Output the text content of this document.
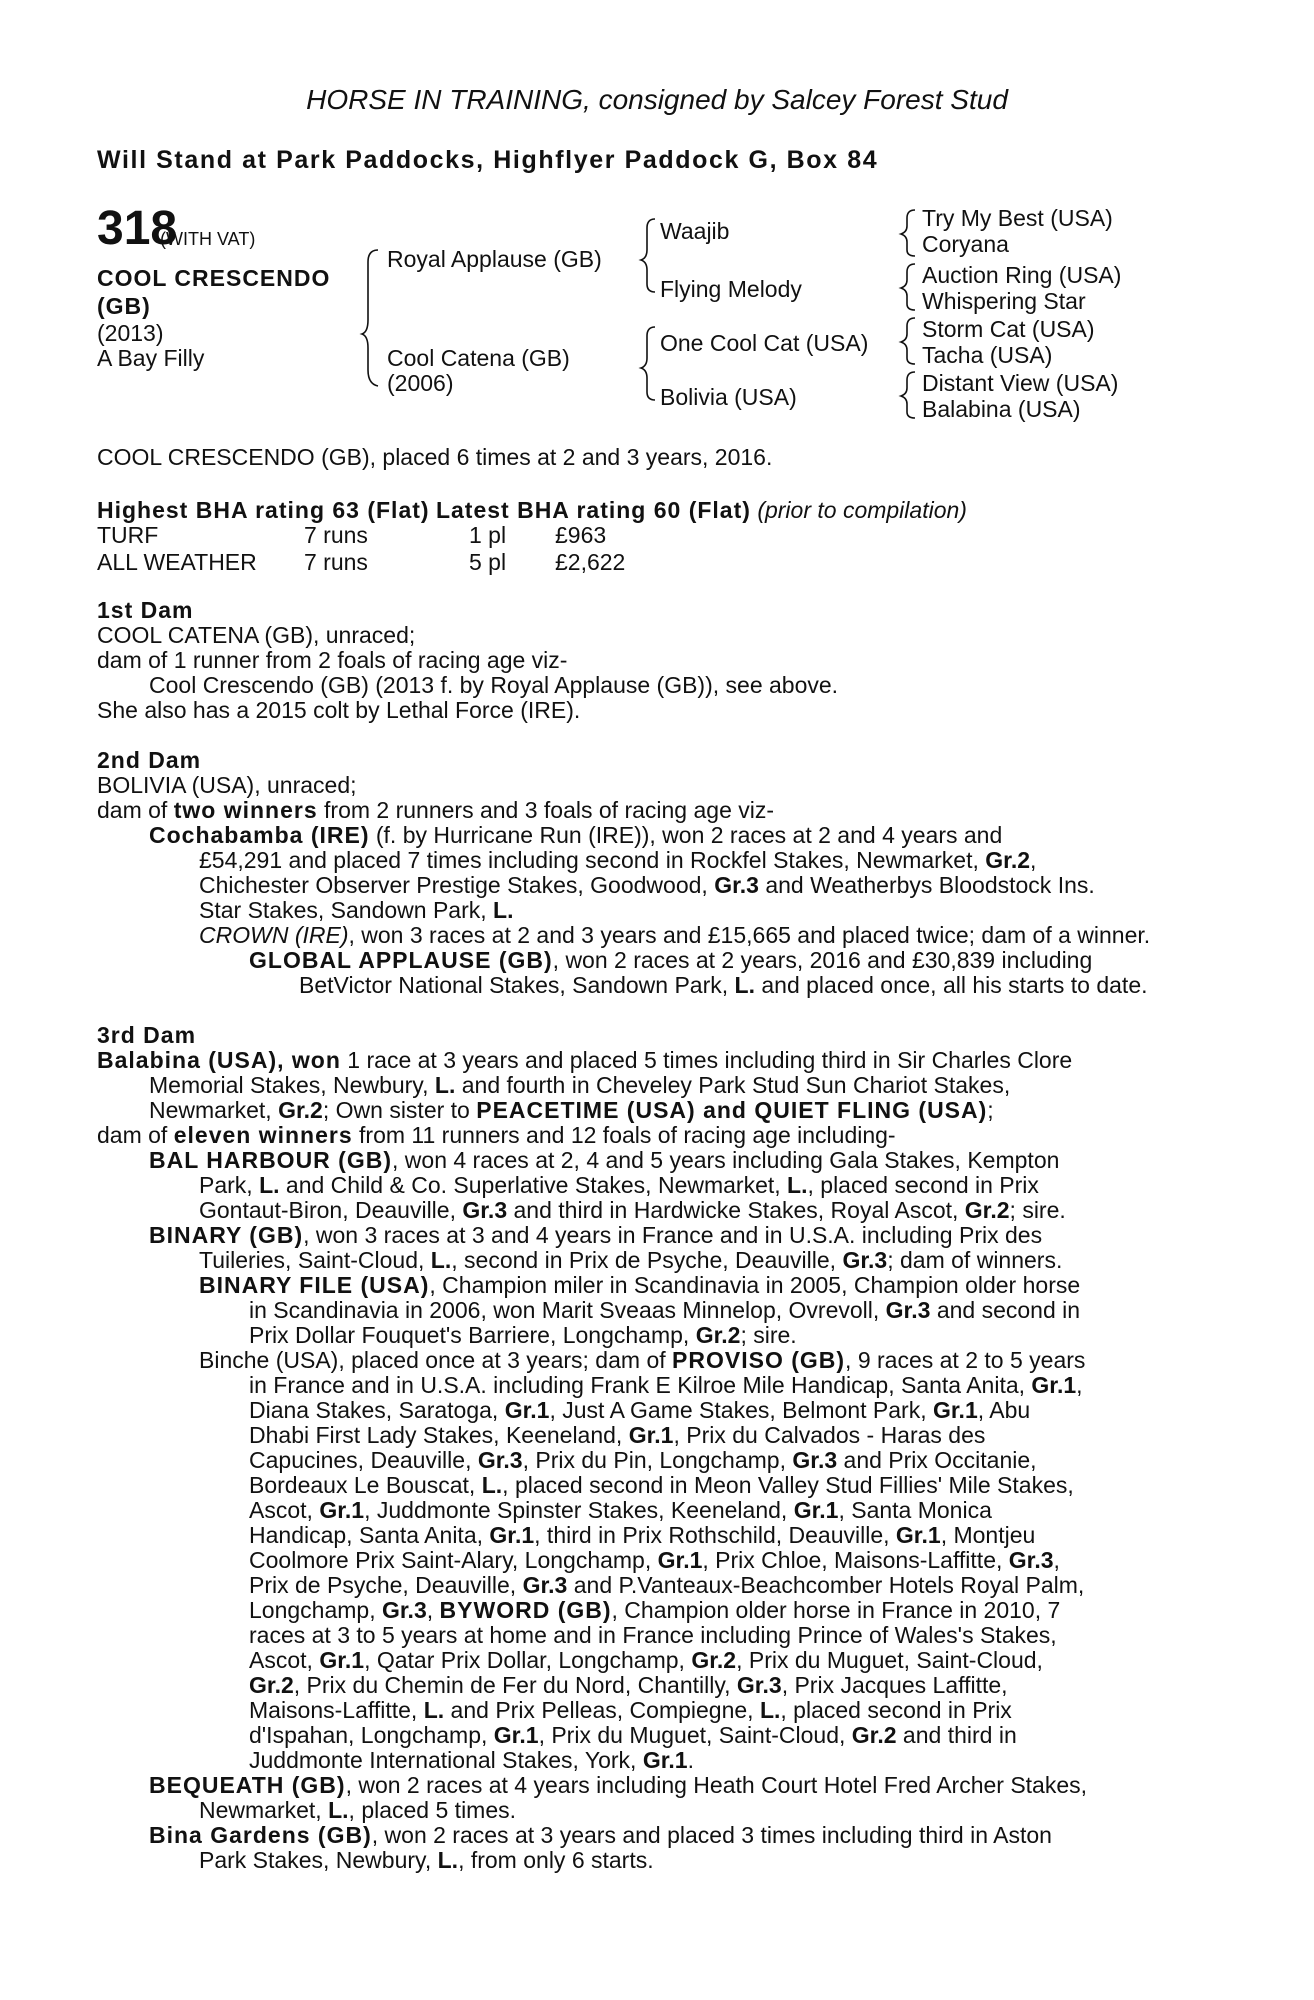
HORSE IN TRAINING, consigned by Salcey Forest Stud
Will Stand at Park Paddocks, Highflyer Paddock G, Box 84
318
(WITH VAT)
COOL CRESCENDO (GB)
(2013)
A Bay Filly
Royal Applause (GB)
Cool Catena (GB)
(2006)
Waajib
Flying Melody
One Cool Cat (USA)
Bolivia (USA)
Try My Best (USA)
Coryana
Auction Ring (USA)
Whispering Star
Storm Cat (USA)
Tacha (USA)
Distant View (USA)
Balabina (USA)
COOL CRESCENDO (GB), placed 6 times at 2 and 3 years, 2016.
Highest BHA rating 63 (Flat) Latest BHA rating 60 (Flat) (prior to compilation)
TURF	7 runs	1 pl	£963
ALL WEATHER	7 runs	5 pl	£2,622
1st Dam
COOL CATENA (GB), unraced;
dam of 1 runner from 2 foals of racing age viz-
Cool Crescendo (GB) (2013 f. by Royal Applause (GB)), see above.
She also has a 2015 colt by Lethal Force (IRE).
2nd Dam
BOLIVIA (USA), unraced;
dam of two winners from 2 runners and 3 foals of racing age viz-
Cochabamba (IRE) (f. by Hurricane Run (IRE)), won 2 races at 2 and 4 years and
£54,291 and placed 7 times including second in Rockfel Stakes, Newmarket, Gr.2,
Chichester Observer Prestige Stakes, Goodwood, Gr.3 and Weatherbys Bloodstock Ins.
Star Stakes, Sandown Park, L.
CROWN (IRE), won 3 races at 2 and 3 years and £15,665 and placed twice; dam of a winner.
GLOBAL APPLAUSE (GB), won 2 races at 2 years, 2016 and £30,839 including
BetVictor National Stakes, Sandown Park, L. and placed once, all his starts to date.
3rd Dam
Balabina (USA), won 1 race at 3 years and placed 5 times including third in Sir Charles Clore
Memorial Stakes, Newbury, L. and fourth in Cheveley Park Stud Sun Chariot Stakes,
Newmarket, Gr.2; Own sister to PEACETIME (USA) and QUIET FLING (USA);
dam of eleven winners from 11 runners and 12 foals of racing age including-
BAL HARBOUR (GB), won 4 races at 2, 4 and 5 years including Gala Stakes, Kempton
Park, L. and Child & Co. Superlative Stakes, Newmarket, L., placed second in Prix
Gontaut-Biron, Deauville, Gr.3 and third in Hardwicke Stakes, Royal Ascot, Gr.2; sire.
BINARY (GB), won 3 races at 3 and 4 years in France and in U.S.A. including Prix des
Tuileries, Saint-Cloud, L., second in Prix de Psyche, Deauville, Gr.3; dam of winners.
BINARY FILE (USA), Champion miler in Scandinavia in 2005, Champion older horse
in Scandinavia in 2006, won Marit Sveaas Minnelop, Ovrevoll, Gr.3 and second in
Prix Dollar Fouquet's Barriere, Longchamp, Gr.2; sire.
Binche (USA), placed once at 3 years; dam of PROVISO (GB), 9 races at 2 to 5 years
in France and in U.S.A. including Frank E Kilroe Mile Handicap, Santa Anita, Gr.1,
Diana Stakes, Saratoga, Gr.1, Just A Game Stakes, Belmont Park, Gr.1, Abu
Dhabi First Lady Stakes, Keeneland, Gr.1, Prix du Calvados - Haras des
Capucines, Deauville, Gr.3, Prix du Pin, Longchamp, Gr.3 and Prix Occitanie,
Bordeaux Le Bouscat, L., placed second in Meon Valley Stud Fillies' Mile Stakes,
Ascot, Gr.1, Juddmonte Spinster Stakes, Keeneland, Gr.1, Santa Monica
Handicap, Santa Anita, Gr.1, third in Prix Rothschild, Deauville, Gr.1, Montjeu
Coolmore Prix Saint-Alary, Longchamp, Gr.1, Prix Chloe, Maisons-Laffitte, Gr.3,
Prix de Psyche, Deauville, Gr.3 and P.Vanteaux-Beachcomber Hotels Royal Palm,
Longchamp, Gr.3, BYWORD (GB), Champion older horse in France in 2010, 7
races at 3 to 5 years at home and in France including Prince of Wales's Stakes,
Ascot, Gr.1, Qatar Prix Dollar, Longchamp, Gr.2, Prix du Muguet, Saint-Cloud,
Gr.2, Prix du Chemin de Fer du Nord, Chantilly, Gr.3, Prix Jacques Laffitte,
Maisons-Laffitte, L. and Prix Pelleas, Compiegne, L., placed second in Prix
d'Ispahan, Longchamp, Gr.1, Prix du Muguet, Saint-Cloud, Gr.2 and third in
Juddmonte International Stakes, York, Gr.1.
BEQUEATH (GB), won 2 races at 4 years including Heath Court Hotel Fred Archer Stakes,
Newmarket, L., placed 5 times.
Bina Gardens (GB), won 2 races at 3 years and placed 3 times including third in Aston
Park Stakes, Newbury, L., from only 6 starts.
